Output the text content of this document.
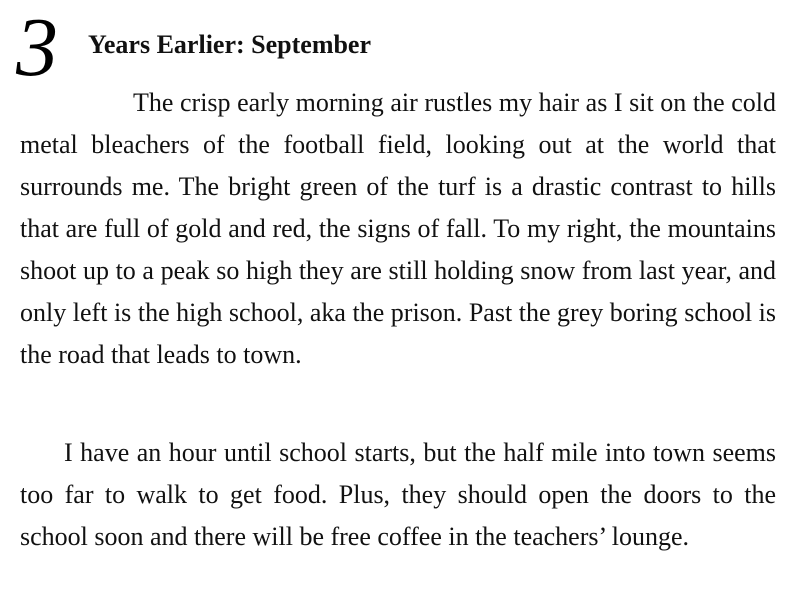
3 Years Earlier: September

The crisp early morning air rustles my hair as I sit on the cold metal bleachers of the football field, looking out at the world that surrounds me. The bright green of the turf is a drastic contrast to hills that are full of gold and red, the signs of fall. To my right, the mountains shoot up to a peak so high they are still holding snow from last year, and only left is the high school, aka the prison. Past the grey boring school is the road that leads to town.

I have an hour until school starts, but the half mile into town seems too far to walk to get food. Plus, they should open the doors to the school soon and there will be free coffee in the teachers’ lounge.
